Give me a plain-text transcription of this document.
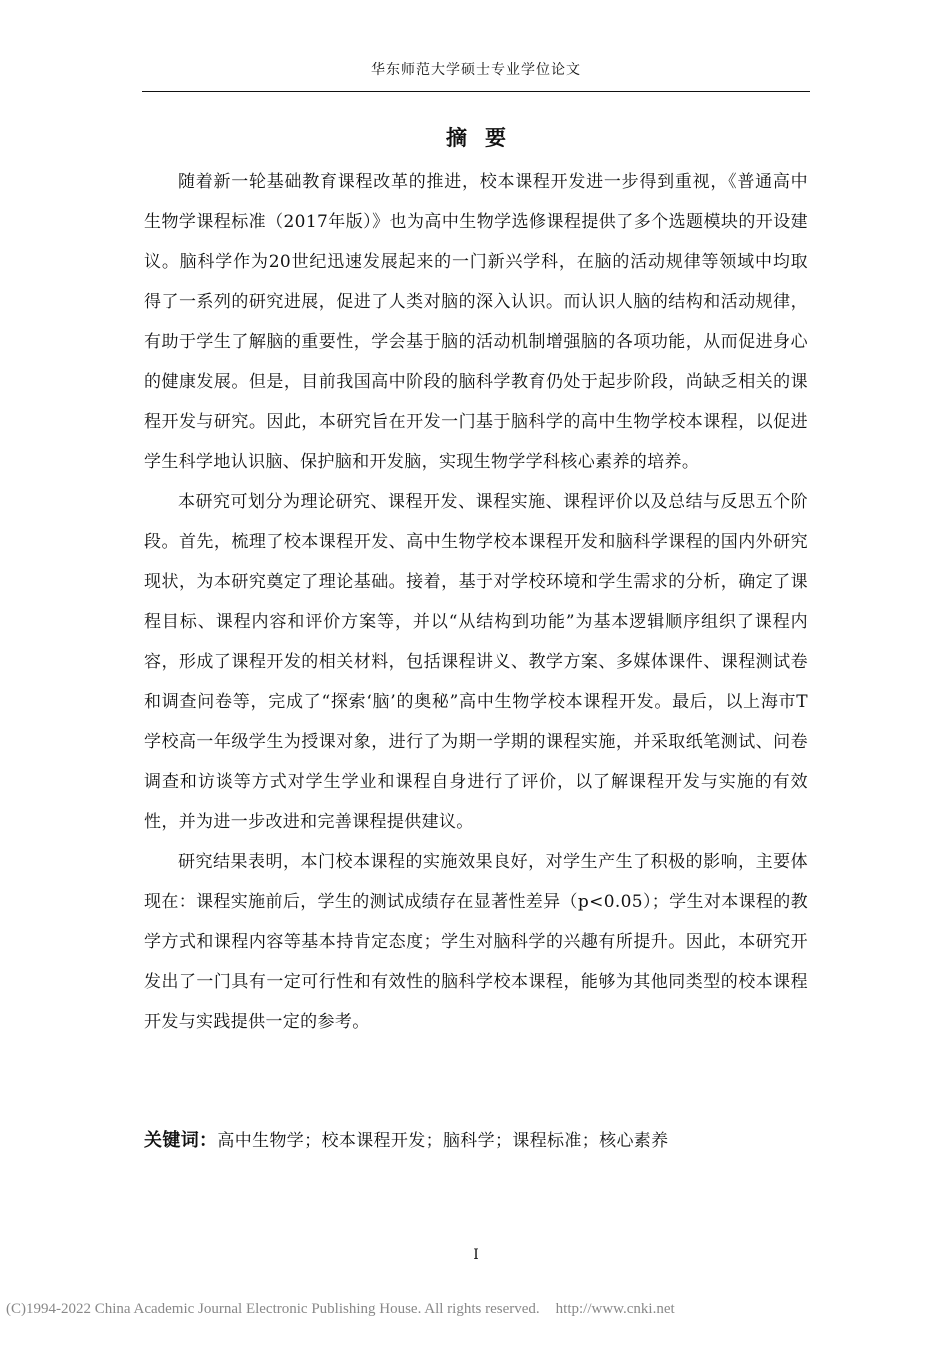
华东师范大学硕士专业学位论文
摘要

随着新一轮基础教育课程改革的推进，校本课程开发进一步得到重视，《普通高中生物学课程标准（2017年版）》也为高中生物学选修课程提供了多个选题模块的开设建议。脑科学作为20世纪迅速发展起来的一门新兴学科，在脑的活动规律等领域中均取得了一系列的研究进展，促进了人类对脑的深入认识。而认识人脑的结构和活动规律，有助于学生了解脑的重要性，学会基于脑的活动机制增强脑的各项功能，从而促进身心的健康发展。但是，目前我国高中阶段的脑科学教育仍处于起步阶段，尚缺乏相关的课程开发与研究。因此，本研究旨在开发一门基于脑科学的高中生物学校本课程，以促进学生科学地认识脑、保护脑和开发脑，实现生物学学科核心素养的培养。

本研究可划分为理论研究、课程开发、课程实施、课程评价以及总结与反思五个阶段。首先，梳理了校本课程开发、高中生物学校本课程开发和脑科学课程的国内外研究现状，为本研究奠定了理论基础。接着，基于对学校环境和学生需求的分析，确定了课程目标、课程内容和评价方案等，并以“从结构到功能”为基本逻辑顺序组织了课程内容，形成了课程开发的相关材料，包括课程讲义、教学方案、多媒体课件、课程测试卷和调查问卷等，完成了“探索‘脑’的奥秘”高中生物学校本课程开发。最后，以上海市T学校高一年级学生为授课对象，进行了为期一学期的课程实施，并采取纸笔测试、问卷调查和访谈等方式对学生学业和课程自身进行了评价，以了解课程开发与实施的有效性，并为进一步改进和完善课程提供建议。

研究结果表明，本门校本课程的实施效果良好，对学生产生了积极的影响，主要体现在：课程实施前后，学生的测试成绩存在显著性差异（p<0.05）；学生对本课程的教学方式和课程内容等基本持肯定态度；学生对脑科学的兴趣有所提升。因此，本研究开发出了一门具有一定可行性和有效性的脑科学校本课程，能够为其他同类型的校本课程开发与实践提供一定的参考。

关键词：高中生物学；校本课程开发；脑科学；课程标准；核心素养
I
(C)1994-2022 China Academic Journal Electronic Publishing House. All rights reserved. http://www.cnki.net
